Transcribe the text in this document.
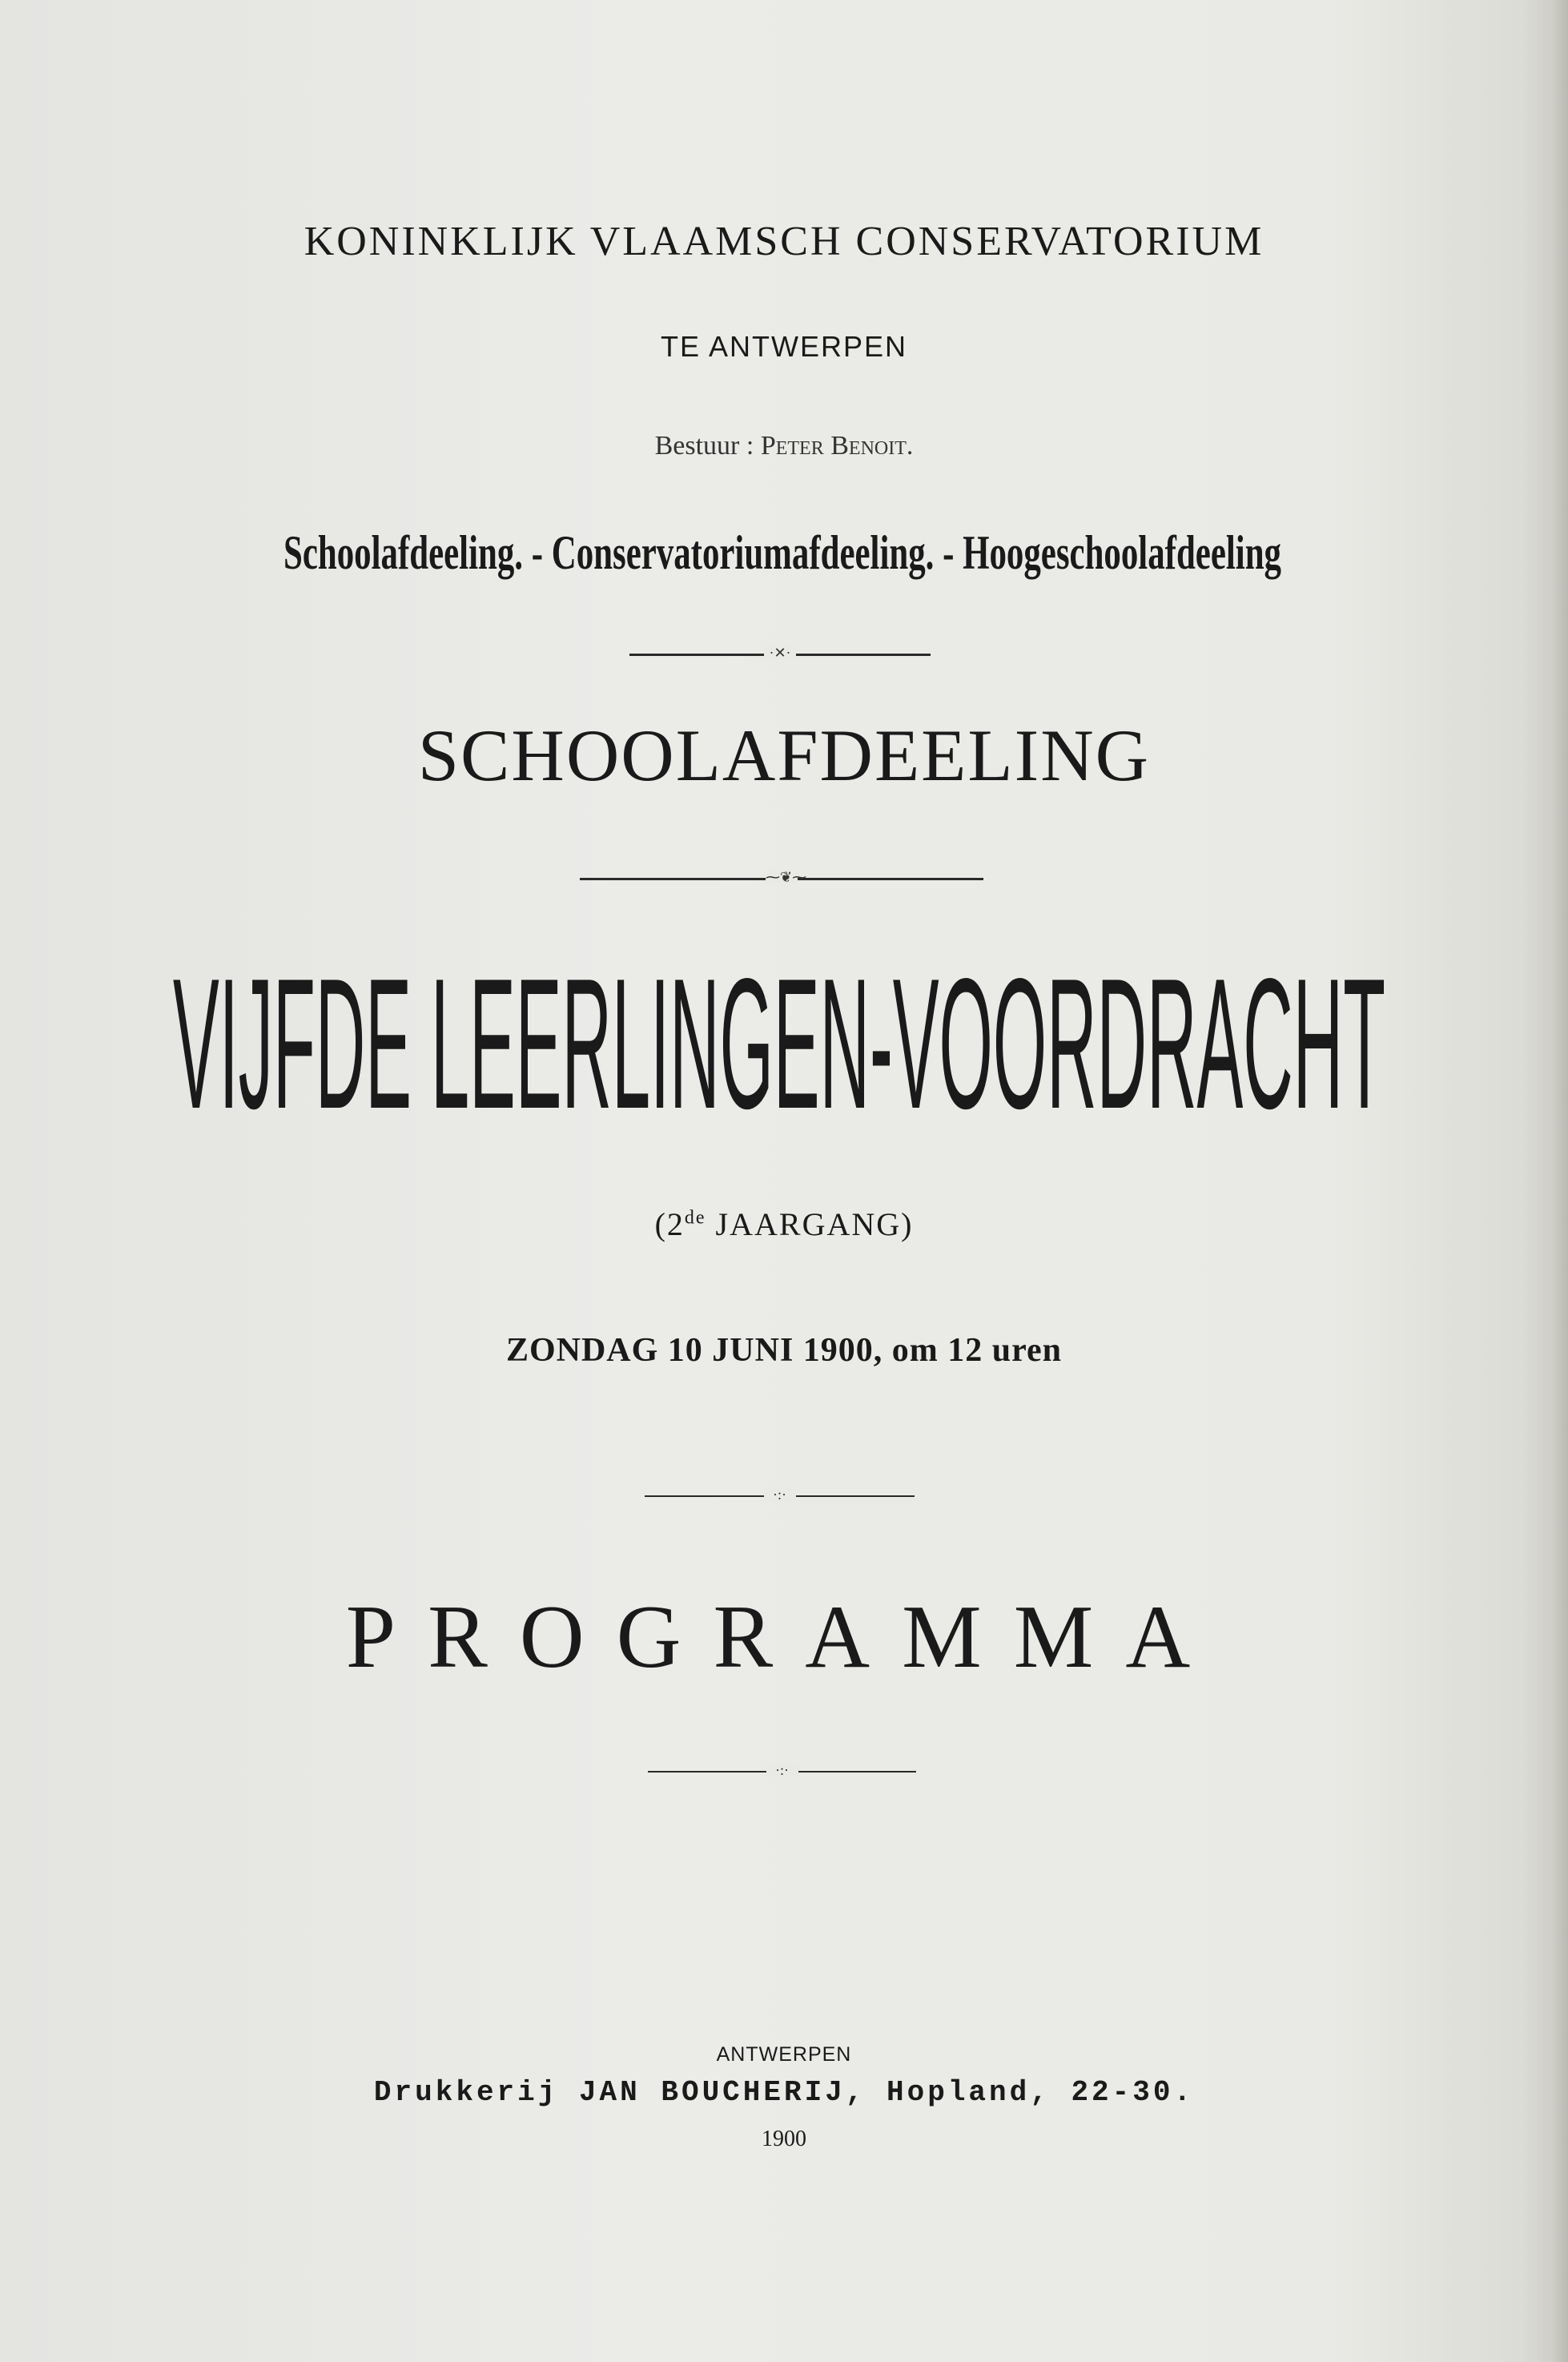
KONINKLIJK VLAAMSCH CONSERVATORIUM
TE ANTWERPEN
Bestuur : Peter Benoit.
Schoolafdeeling. - Conservatoriumafdeeling. - Hoogeschoolafdeeling
·✕·
SCHOOLAFDEELING
⁓❦⁓
VIJFDE LEERLINGEN-VOORDRACHT
(2de JAARGANG)
ZONDAG 10 JUNI 1900, om 12 uren
·:·
PROGRAMMA
·:·
ANTWERPEN
Drukkerij JAN BOUCHERIJ, Hopland, 22-30.
1900
